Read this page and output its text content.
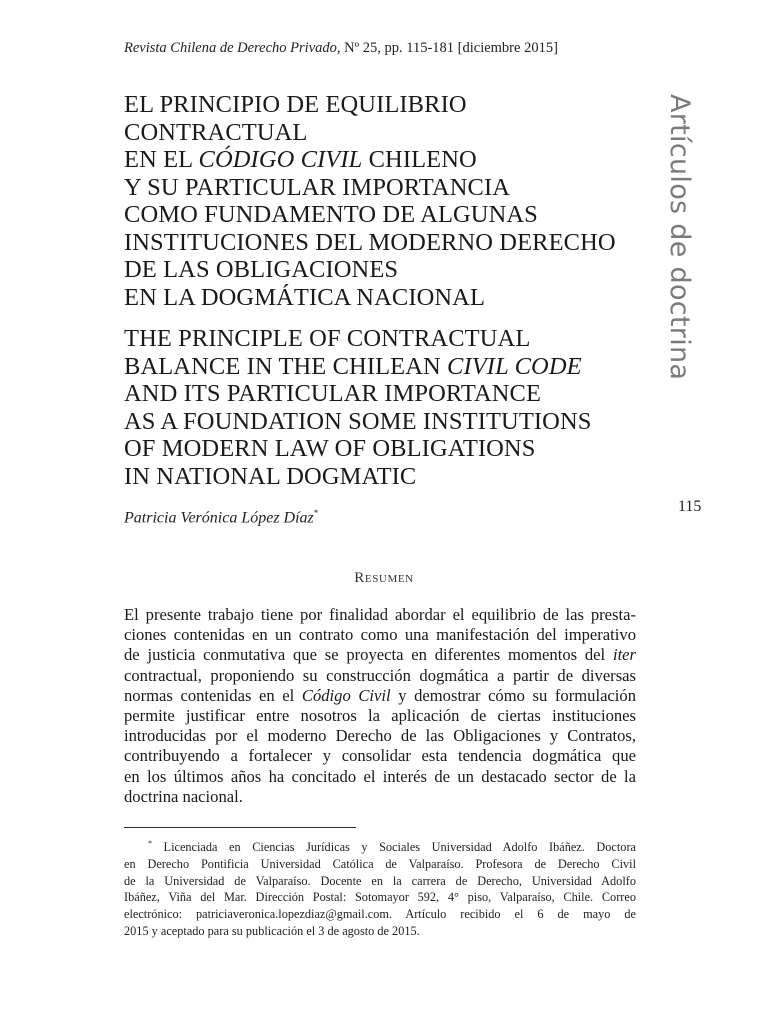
Revista Chilena de Derecho Privado, Nº 25, pp. 115-181 [diciembre 2015]
EL PRINCIPIO DE EQUILIBRIO
CONTRACTUAL
EN EL CÓDIGO CIVIL CHILENO
Y SU PARTICULAR IMPORTANCIA
COMO FUNDAMENTO DE ALGUNAS
INSTITUCIONES DEL MODERNO DERECHO
DE LAS OBLIGACIONES
EN LA DOGMÁTICA NACIONAL
THE PRINCIPLE OF CONTRACTUAL
BALANCE IN THE CHILEAN CIVIL CODE
AND ITS PARTICULAR IMPORTANCE
AS A FOUNDATION SOME INSTITUTIONS
OF MODERN LAW OF OBLIGATIONS
IN NATIONAL DOGMATIC
Artículos de doctrina
115
Patricia Verónica López Díaz*
Resumen
El presente trabajo tiene por finalidad abordar el equilibrio de las presta-
ciones contenidas en un contrato como una manifestación del imperativo
de justicia conmutativa que se proyecta en diferentes momentos del iter
contractual, proponiendo su construcción dogmática a partir de diversas
normas contenidas en el Código Civil y demostrar cómo su formulación
permite justificar entre nosotros la aplicación de ciertas instituciones
introducidas por el moderno Derecho de las Obligaciones y Contratos,
contribuyendo a fortalecer y consolidar esta tendencia dogmática que
en los últimos años ha concitado el interés de un destacado sector de la
doctrina nacional.
* Licenciada en Ciencias Jurídicas y Sociales Universidad Adolfo Ibáñez. Doctora
en Derecho Pontificia Universidad Católica de Valparaíso. Profesora de Derecho Civil
de la Universidad de Valparaíso. Docente en la carrera de Derecho, Universidad Adolfo
Ibáñez, Viña del Mar. Dirección Postal: Sotomayor 592, 4° piso, Valparaíso, Chile. Correo
electrónico: patriciaveronica.lopezdiaz@gmail.com. Artículo recibido el 6 de mayo de
2015 y aceptado para su publicación el 3 de agosto de 2015.
